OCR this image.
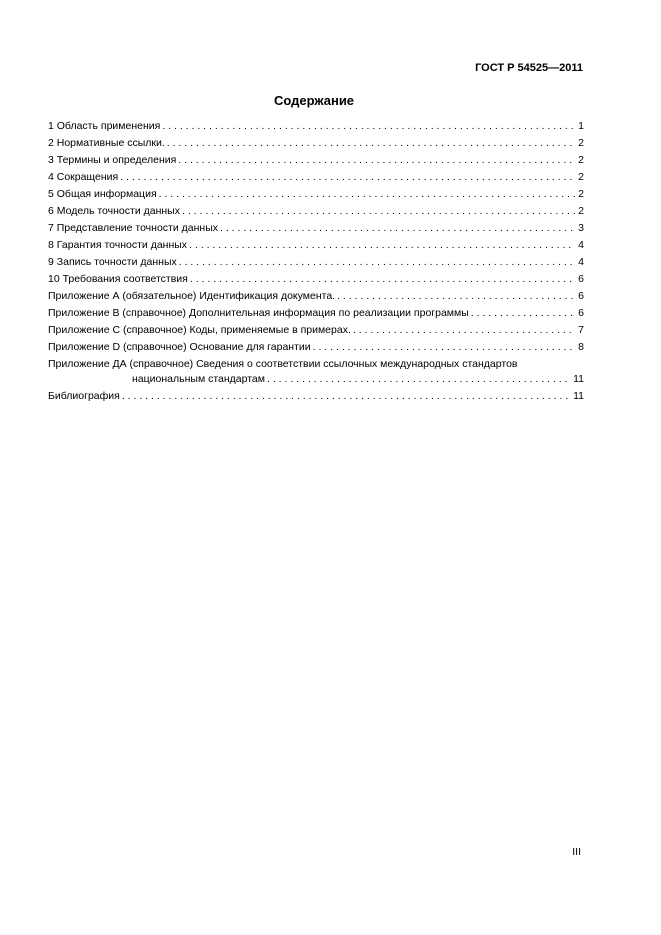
ГОСТ Р 54525—2011
Содержание
1 Область применения . . .	1
2 Нормативные ссылки. . . .	2
3 Термины и определения . . .	2
4 Сокращения . . .	2
5 Общая информация . . .	2
6 Модель точности данных . . .	2
7 Представление точности данных . . .	3
8 Гарантия точности данных . . .	4
9 Запись точности данных . . .	4
10 Требования соответствия . . .	6
Приложение А (обязательное) Идентификация документа. . . .	6
Приложение В (справочное) Дополнительная информация по реализации программы . . .	6
Приложение С (справочное) Коды, применяемые в примерах. . . .	7
Приложение D (справочное) Основание для гарантии . . .	8
Приложение ДА (справочное) Сведения о соответствии ссылочных международных стандартов
национальным стандартам . . .	11
Библиография . . .	11
III
